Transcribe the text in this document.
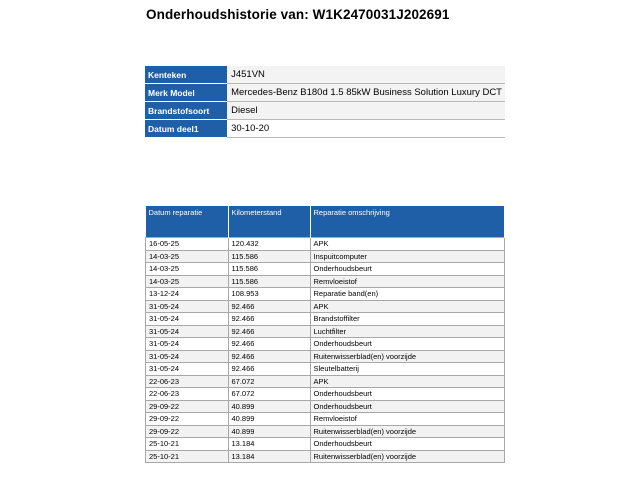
Onderhoudshistorie van: W1K2470031J202691
Kenteken	J451VN
Merk Model	Mercedes-Benz B180d 1.5 85kW Business Solution Luxury DCT
Brandstofsoort	Diesel
Datum deel1	30-10-20
Datum reparatie	Kilometerstand	Reparatie omschrijving
16-05-25	120.432	APK
14-03-25	115.586	Inspuitcomputer
14-03-25	115.586	Onderhoudsbeurt
14-03-25	115.586	Remvloeistof
13-12-24	108.953	Reparatie band(en)
31-05-24	92.466	APK
31-05-24	92.466	Brandstoffilter
31-05-24	92.466	Luchtfilter
31-05-24	92.466	Onderhoudsbeurt
31-05-24	92.466	Ruitenwisserblad(en) voorzijde
31-05-24	92.466	Sleutelbatterij
22-06-23	67.072	APK
22-06-23	67.072	Onderhoudsbeurt
29-09-22	40.899	Onderhoudsbeurt
29-09-22	40.899	Remvloeistof
29-09-22	40.899	Ruitenwisserblad(en) voorzijde
25-10-21	13.184	Onderhoudsbeurt
25-10-21	13.184	Ruitenwisserblad(en) voorzijde
